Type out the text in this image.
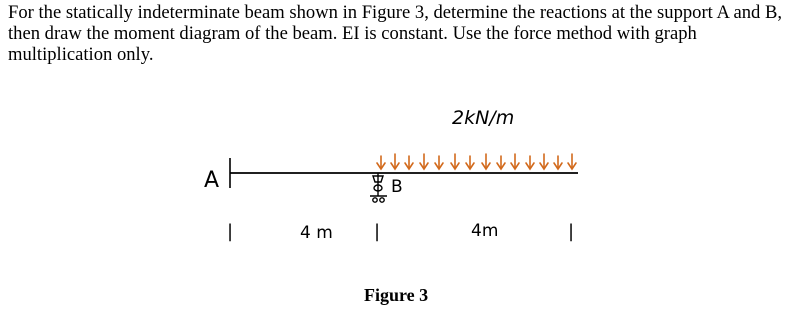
For the statically indeterminate beam shown in Figure 3, determine the reactions at the support A and B, then draw the moment diagram of the beam. EI is constant. Use the force method with graph multiplication only.

A	B
2kN/m
|	|	|
4 m	4m

Figure 3
